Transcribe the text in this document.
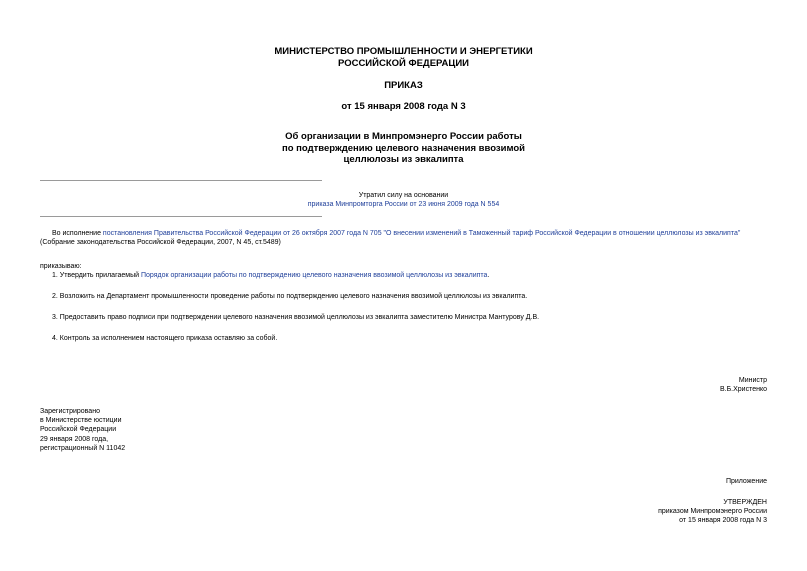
МИНИСТЕРСТВО ПРОМЫШЛЕННОСТИ И ЭНЕРГЕТИКИ
РОССИЙСКОЙ ФЕДЕРАЦИИ
ПРИКАЗ
от 15 января 2008 года N 3
Об организации в Минпромэнерго России работы
по подтверждению целевого назначения ввозимой
целлюлозы из эвкалипта
Утратил силу на основании
приказа Минпромторга России от 23 июня 2009 года N 554
Во исполнение постановления Правительства Российской Федерации от 26 октября 2007 года N 705 "О внесении изменений в Таможенный тариф Российской Федерации в отношении целлюлозы из эвкалипта"
(Собрание законодательства Российской Федерации, 2007, N 45, ст.5489)
приказываю:
1. Утвердить прилагаемый Порядок организации работы по подтверждению целевого назначения ввозимой целлюлозы из эвкалипта.
2. Возложить на Департамент промышленности проведение работы по подтверждению целевого назначения ввозимой целлюлозы из эвкалипта.
3. Предоставить право подписи при подтверждении целевого назначения ввозимой целлюлозы из эвкалипта заместителю Министра Мантурову Д.В.
4. Контроль за исполнением настоящего приказа оставляю за собой.
Министр
В.Б.Христенко
Зарегистрировано
в Министерстве юстиции
Российской Федерации
29 января 2008 года,
регистрационный N 11042
Приложение
УТВЕРЖДЕН
приказом Минпромэнерго России
от 15 января 2008 года N 3
